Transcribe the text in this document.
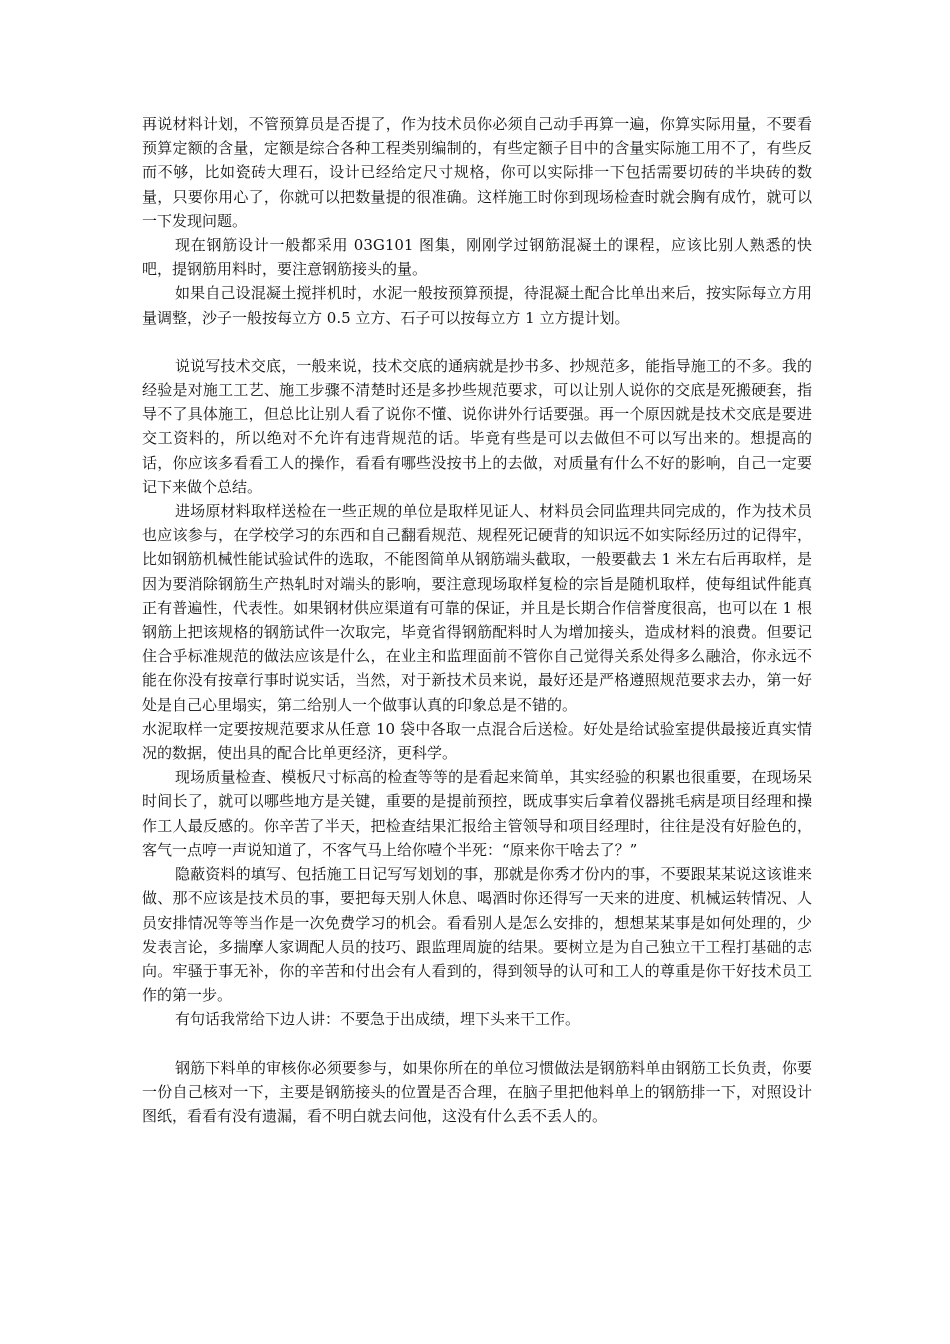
再说材料计划，不管预算员是否提了，作为技术员你必须自己动手再算一遍，你算实际用量，不要看预算定额的含量，定额是综合各种工程类别编制的，有些定额子目中的含量实际施工用不了，有些反而不够，比如瓷砖大理石，设计已经给定尺寸规格，你可以实际排一下包括需要切砖的半块砖的数量，只要你用心了，你就可以把数量提的很准确。这样施工时你到现场检查时就会胸有成竹，就可以一下发现问题。

现在钢筋设计一般都采用 03G101 图集，刚刚学过钢筋混凝土的课程，应该比别人熟悉的快吧，提钢筋用料时，要注意钢筋接头的量。

如果自己设混凝土搅拌机时，水泥一般按预算预提，待混凝土配合比单出来后，按实际每立方用量调整，沙子一般按每立方 0.5 立方、石子可以按每立方 1 立方提计划。

说说写技术交底，一般来说，技术交底的通病就是抄书多、抄规范多，能指导施工的不多。我的经验是对施工工艺、施工步骤不清楚时还是多抄些规范要求，可以让别人说你的交底是死搬硬套，指导不了具体施工，但总比让别人看了说你不懂、说你讲外行话要强。再一个原因就是技术交底是要进交工资料的，所以绝对不允许有违背规范的话。毕竟有些是可以去做但不可以写出来的。想提高的话，你应该多看看工人的操作，看看有哪些没按书上的去做，对质量有什么不好的影响，自己一定要记下来做个总结。

进场原材料取样送检在一些正规的单位是取样见证人、材料员会同监理共同完成的，作为技术员也应该参与，在学校学习的东西和自己翻看规范、规程死记硬背的知识远不如实际经历过的记得牢，比如钢筋机械性能试验试件的选取，不能图简单从钢筋端头截取，一般要截去 1 米左右后再取样，是因为要消除钢筋生产热轧时对端头的影响，要注意现场取样复检的宗旨是随机取样，使每组试件能真正有普遍性，代表性。如果钢材供应渠道有可靠的保证，并且是长期合作信誉度很高，也可以在 1 根钢筋上把该规格的钢筋试件一次取完，毕竟省得钢筋配料时人为增加接头，造成材料的浪费。但要记住合乎标准规范的做法应该是什么，在业主和监理面前不管你自己觉得关系处得多么融洽，你永远不能在你没有按章行事时说实话，当然，对于新技术员来说，最好还是严格遵照规范要求去办，第一好处是自己心里塌实，第二给别人一个做事认真的印象总是不错的。

水泥取样一定要按规范要求从任意 10 袋中各取一点混合后送检。好处是给试验室提供最接近真实情况的数据，使出具的配合比单更经济，更科学。

现场质量检查、模板尺寸标高的检查等等的是看起来简单，其实经验的积累也很重要，在现场呆时间长了，就可以哪些地方是关键，重要的是提前预控，既成事实后拿着仪器挑毛病是项目经理和操作工人最反感的。你辛苦了半天，把检查结果汇报给主管领导和项目经理时，往往是没有好脸色的，客气一点哼一声说知道了，不客气马上给你噎个半死：“原来你干啥去了？”

隐蔽资料的填写、包括施工日记写写划划的事，那就是你秀才份内的事，不要跟某某说这该谁来做、那不应该是技术员的事，要把每天别人休息、喝酒时你还得写一天来的进度、机械运转情况、人员安排情况等等当作是一次免费学习的机会。看看别人是怎么安排的，想想某某事是如何处理的，少发表言论，多揣摩人家调配人员的技巧、跟监理周旋的结果。要树立是为自己独立干工程打基础的志向。牢骚于事无补，你的辛苦和付出会有人看到的，得到领导的认可和工人的尊重是你干好技术员工作的第一步。

有句话我常给下边人讲：不要急于出成绩，埋下头来干工作。

钢筋下料单的审核你必须要参与，如果你所在的单位习惯做法是钢筋料单由钢筋工长负责，你要一份自己核对一下，主要是钢筋接头的位置是否合理，在脑子里把他料单上的钢筋排一下，对照设计图纸，看看有没有遗漏，看不明白就去问他，这没有什么丢不丢人的。
